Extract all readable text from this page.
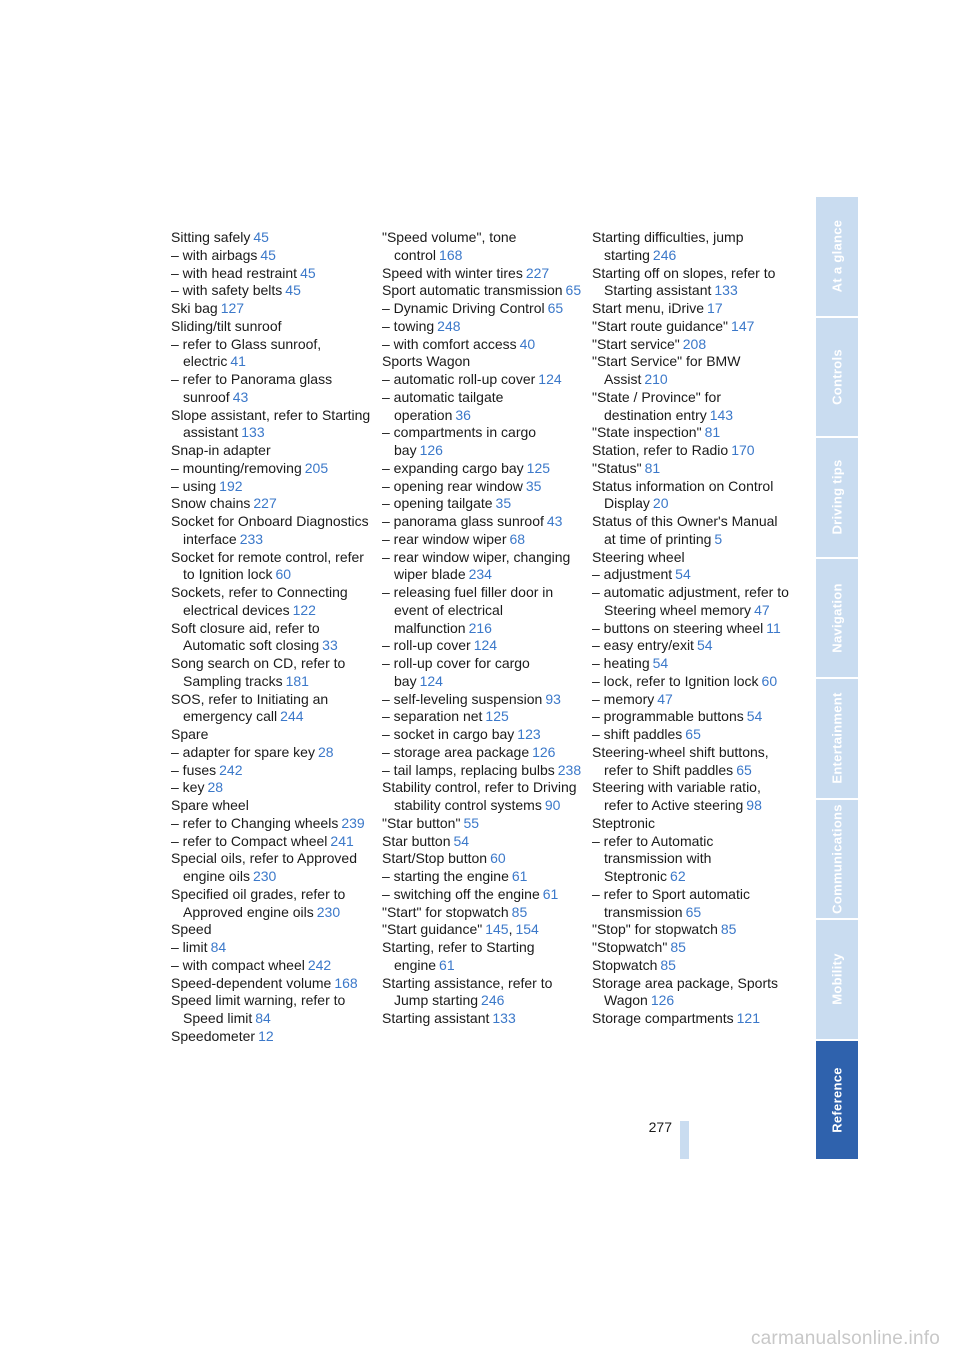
Sitting safely 45
– with airbags 45
– with head restraint 45
– with safety belts 45
Ski bag 127
Sliding/tilt sunroof
– refer to Glass sunroof, electric 41
– refer to Panorama glass sunroof 43
Slope assistant, refer to Starting assistant 133
Snap-in adapter
– mounting/removing 205
– using 192
Snow chains 227
Socket for Onboard Diagnostics interface 233
Socket for remote control, refer to Ignition lock 60
Sockets, refer to Connecting electrical devices 122
Soft closure aid, refer to Automatic soft closing 33
Song search on CD, refer to Sampling tracks 181
SOS, refer to Initiating an emergency call 244
Spare
– adapter for spare key 28
– fuses 242
– key 28
Spare wheel
– refer to Changing wheels 239
– refer to Compact wheel 241
Special oils, refer to Approved engine oils 230
Specified oil grades, refer to Approved engine oils 230
Speed
– limit 84
– with compact wheel 242
Speed-dependent volume 168
Speed limit warning, refer to Speed limit 84
Speedometer 12
"Speed volume", tone control 168
Speed with winter tires 227
Sport automatic transmission 65
– Dynamic Driving Control 65
– towing 248
– with comfort access 40
Sports Wagon
– automatic roll-up cover 124
– automatic tailgate operation 36
– compartments in cargo bay 126
– expanding cargo bay 125
– opening rear window 35
– opening tailgate 35
– panorama glass sunroof 43
– rear window wiper 68
– rear window wiper, changing wiper blade 234
– releasing fuel filler door in event of electrical malfunction 216
– roll-up cover 124
– roll-up cover for cargo bay 124
– self-leveling suspension 93
– separation net 125
– socket in cargo bay 123
– storage area package 126
– tail lamps, replacing bulbs 238
Stability control, refer to Driving stability control systems 90
"Star button" 55
Star button 54
Start/Stop button 60
– starting the engine 61
– switching off the engine 61
"Start" for stopwatch 85
"Start guidance" 145, 154
Starting, refer to Starting engine 61
Starting assistance, refer to Jump starting 246
Starting assistant 133
Starting difficulties, jump starting 246
Starting off on slopes, refer to Starting assistant 133
Start menu, iDrive 17
"Start route guidance" 147
"Start service" 208
"Start Service" for BMW Assist 210
"State / Province" for destination entry 143
"State inspection" 81
Station, refer to Radio 170
"Status" 81
Status information on Control Display 20
Status of this Owner's Manual at time of printing 5
Steering wheel
– adjustment 54
– automatic adjustment, refer to Steering wheel memory 47
– buttons on steering wheel 11
– easy entry/exit 54
– heating 54
– lock, refer to Ignition lock 60
– memory 47
– programmable buttons 54
– shift paddles 65
Steering-wheel shift buttons, refer to Shift paddles 65
Steering with variable ratio, refer to Active steering 98
Steptronic
– refer to Automatic transmission with Steptronic 62
– refer to Sport automatic transmission 65
"Stop" for stopwatch 85
"Stopwatch" 85
Stopwatch 85
Storage area package, Sports Wagon 126
Storage compartments 121
277
At a glance
Controls
Driving tips
Navigation
Entertainment
Communications
Mobility
Reference
carmanualsonline.info
